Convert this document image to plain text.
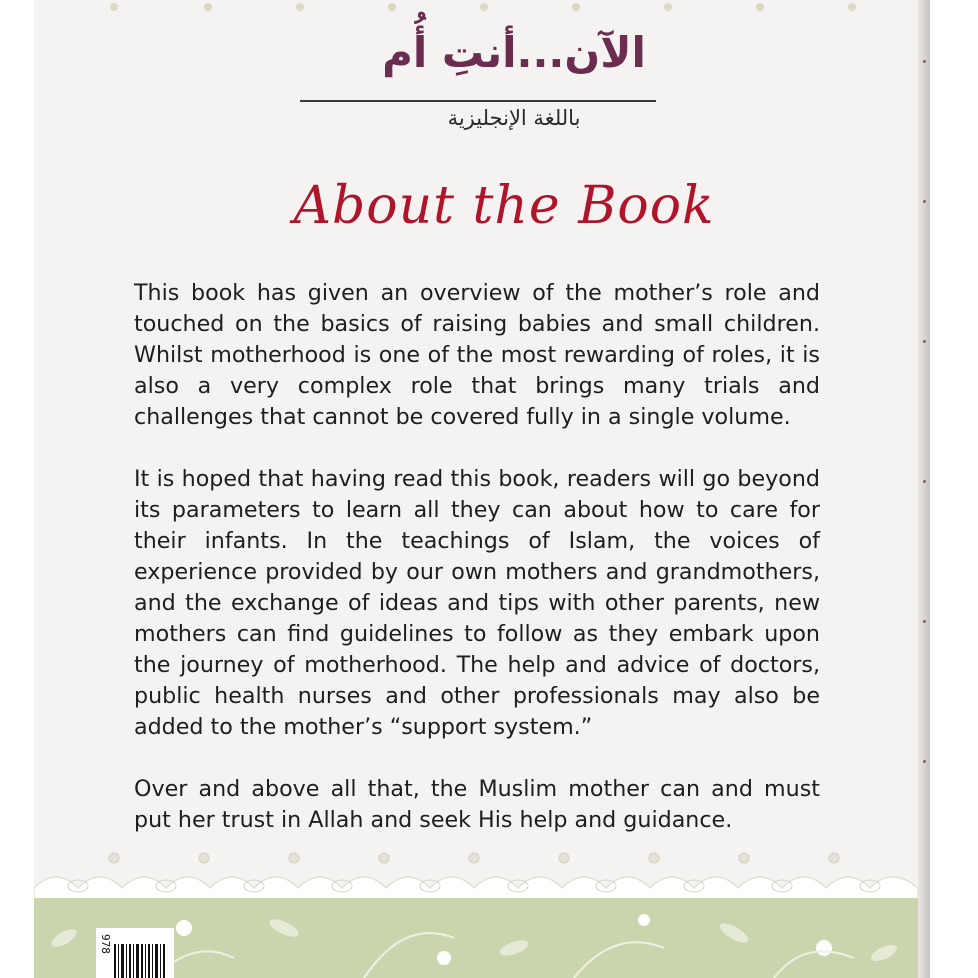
الآن...أنتِ أُم
باللغة الإنجليزية
About the Book

This book has given an overview of the mother’s role and touched on the basics of raising babies and small children. Whilst motherhood is one of the most rewarding of roles, it is also a very complex role that brings many trials and challenges that cannot be covered fully in a single volume.

It is hoped that having read this book, readers will go beyond its parameters to learn all they can about how to care for their infants. In the teachings of Islam, the voices of experience provided by our own mothers and grandmothers, and the exchange of ideas and tips with other parents, new mothers can find guidelines to follow as they embark upon the journey of motherhood. The help and advice of doctors, public health nurses and other professionals may also be added to the mother’s “support system.”

Over and above all that, the Muslim mother can and must put her trust in Allah and seek His help and guidance.

978
